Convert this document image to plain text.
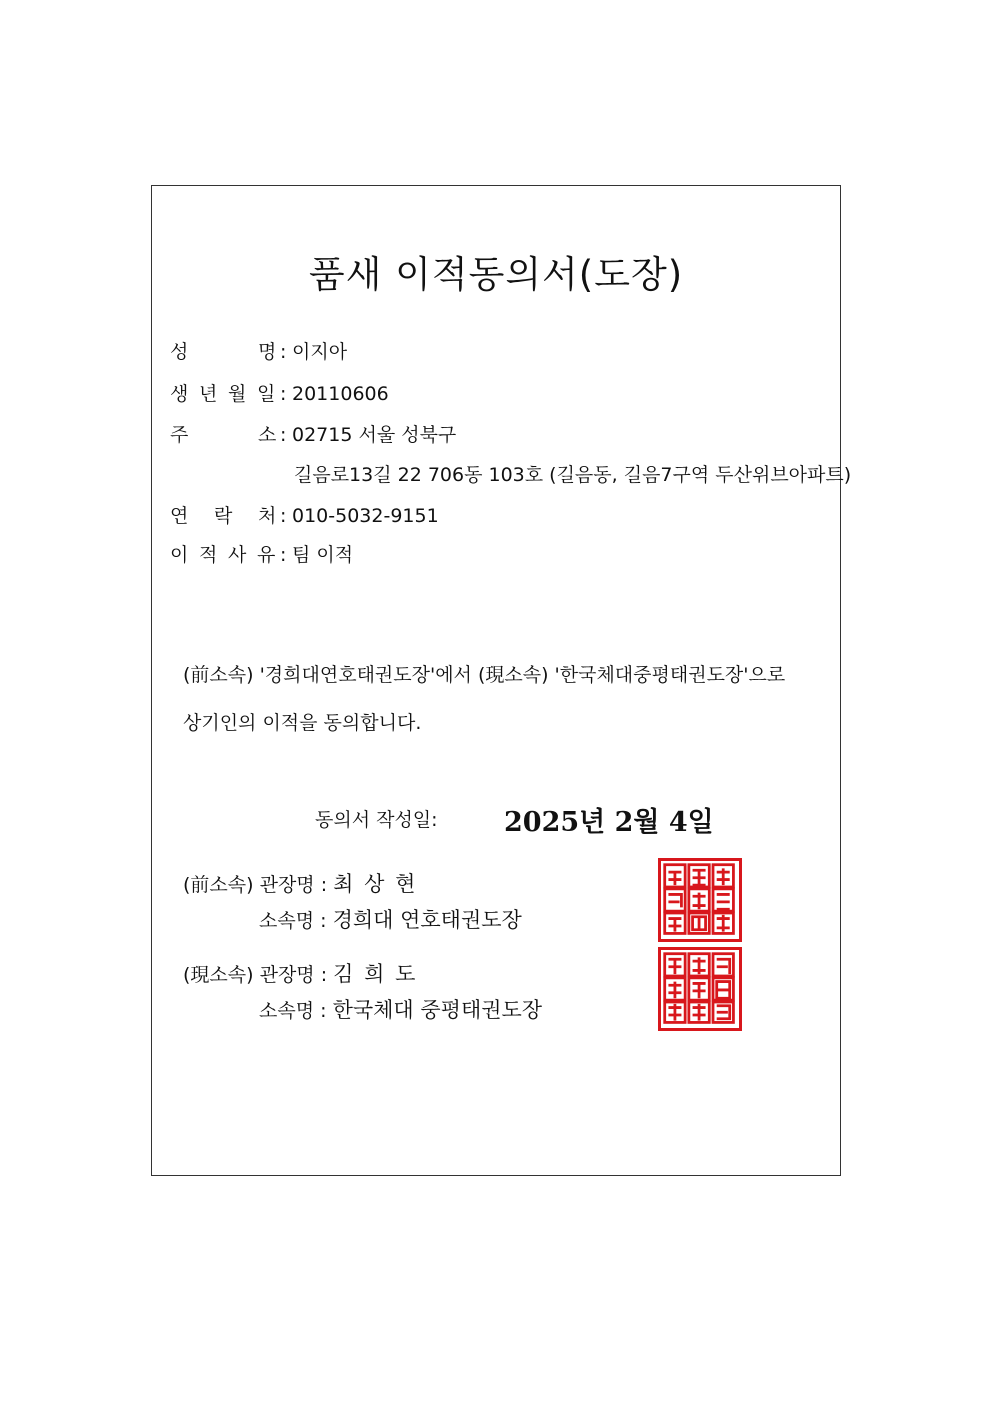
품새 이적동의서(도장)
성	명 : 이지아
생 년 월 일 : 20110606
주	소 : 02715 서울 성북구
길음로13길 22 706동 103호 (길음동, 길음7구역 두산위브아파트)
연 락 처 : 010-5032-9151
이 적 사 유 : 팀 이적
(前소속) '경희대연호태권도장'에서 (現소속) '한국체대중평태권도장'으로
상기인의 이적을 동의합니다.
동의서 작성일: 2025년 2월 4일
(前소속) 관장명 : 최 상 현
소속명 : 경희대 연호태권도장
(現소속) 관장명 : 김 희 도
소속명 : 한국체대 중평태권도장
